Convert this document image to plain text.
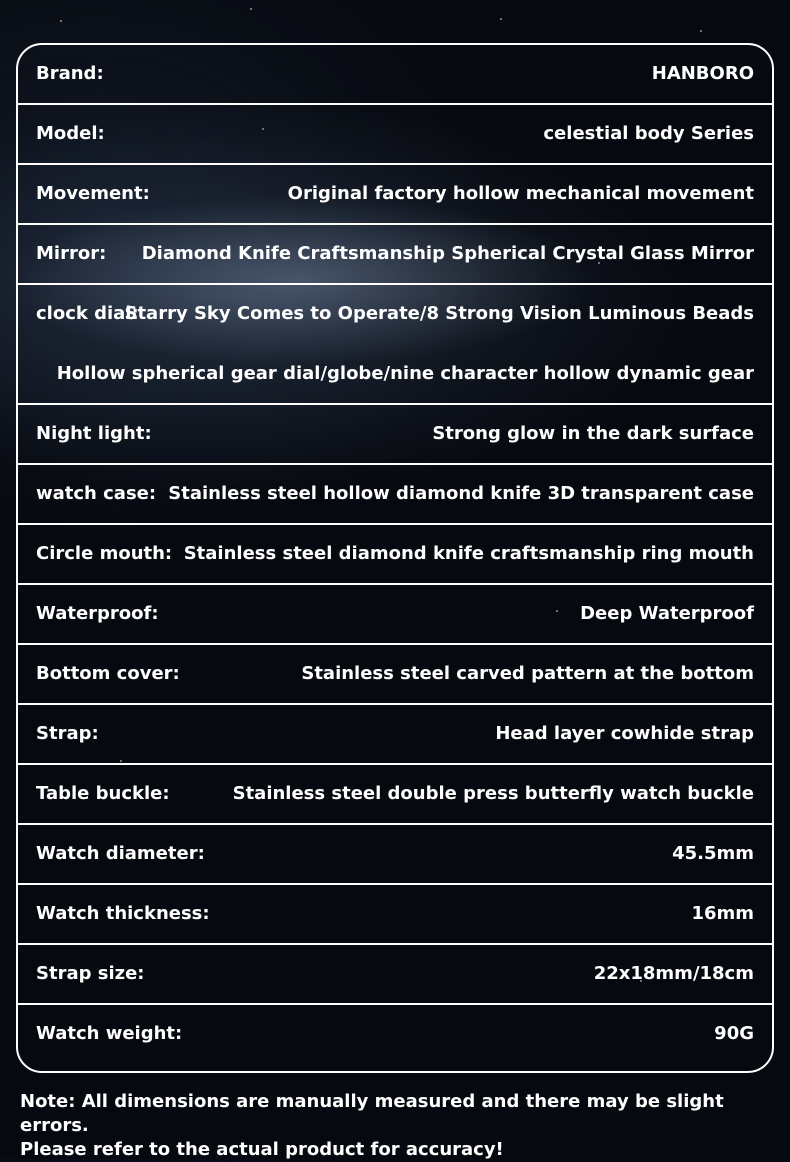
Brand:	HANBORO
Model:	celestial body Series
Movement:	Original factory hollow mechanical movement
Mirror: Diamond Knife Craftsmanship Spherical Crystal Glass Mirror
clock dial:
Starry Sky Comes to Operate/8 Strong Vision Luminous Beads
Hollow spherical gear dial/globe/nine character hollow dynamic gear
Night light:	Strong glow in the dark surface
watch case: Stainless steel hollow diamond knife 3D transparent case
Circle mouth: Stainless steel diamond knife craftsmanship ring mouth
Waterproof:	Deep Waterproof
Bottom cover:	Stainless steel carved pattern at the bottom
Strap:	Head layer cowhide strap
Table buckle:	Stainless steel double press butterfly watch buckle
Watch diameter:	45.5mm
Watch thickness:	16mm
Strap size:	22x18mm/18cm
Watch weight:	90G
Note: All dimensions are manually measured and there may be slight errors.
Please refer to the actual product for accuracy!
